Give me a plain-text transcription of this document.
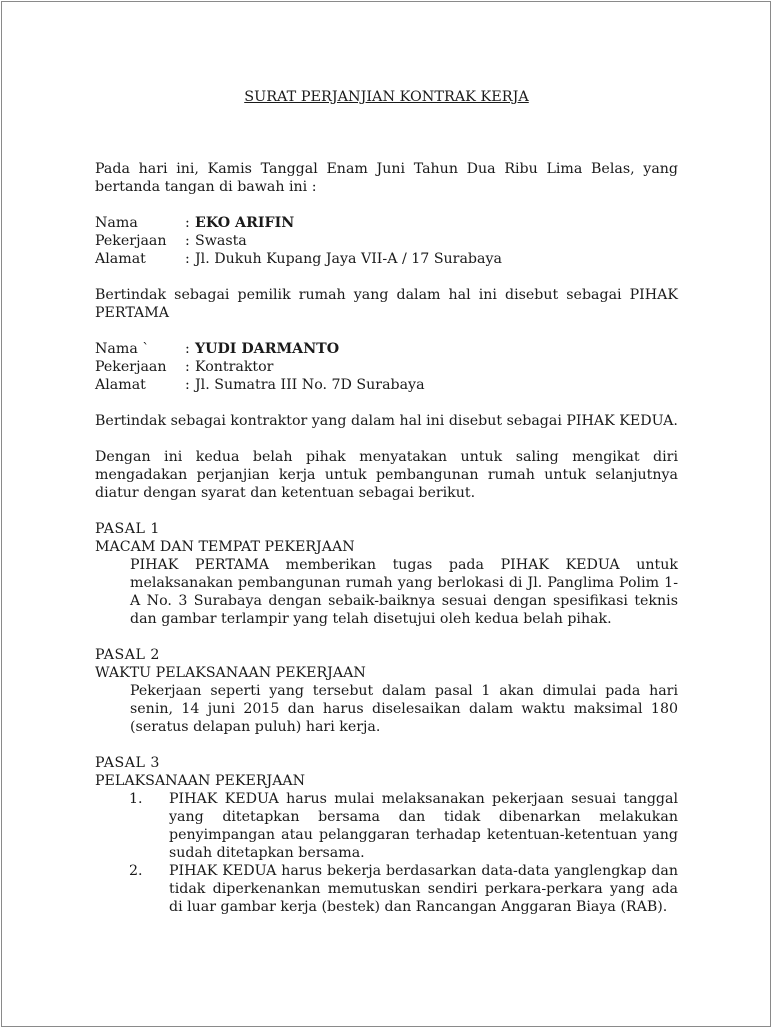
SURAT PERJANJIAN KONTRAK KERJA

Pada hari ini, Kamis Tanggal Enam Juni Tahun Dua Ribu Lima Belas, yang bertanda tangan di bawah ini :

Nama	: EKO ARIFIN
Pekerjaan	: Swasta
Alamat	: Jl. Dukuh Kupang Jaya VII-A / 17 Surabaya

Bertindak sebagai pemilik rumah yang dalam hal ini disebut sebagai PIHAK PERTAMA

Nama `	: YUDI DARMANTO
Pekerjaan	: Kontraktor
Alamat	: Jl. Sumatra III No. 7D Surabaya

Bertindak sebagai kontraktor yang dalam hal ini disebut sebagai PIHAK KEDUA.

Dengan ini kedua belah pihak menyatakan untuk saling mengikat diri mengadakan perjanjian kerja untuk pembangunan rumah untuk selanjutnya diatur dengan syarat dan ketentuan sebagai berikut.

PASAL 1

MACAM DAN TEMPAT PEKERJAAN

PIHAK PERTAMA memberikan tugas pada PIHAK KEDUA untuk melaksanakan pembangunan rumah yang berlokasi di Jl. Panglima Polim 1-A No. 3 Surabaya dengan sebaik-baiknya sesuai dengan spesifikasi teknis dan gambar terlampir yang telah disetujui oleh kedua belah pihak.

PASAL 2

WAKTU PELAKSANAAN PEKERJAAN

Pekerjaan seperti yang tersebut dalam pasal 1 akan dimulai pada hari senin, 14 juni 2015 dan harus diselesaikan dalam waktu maksimal 180 (seratus delapan puluh) hari kerja.

PASAL 3

PELAKSANAAN PEKERJAAN

1.	PIHAK KEDUA harus mulai melaksanakan pekerjaan sesuai tanggal yang ditetapkan bersama dan tidak dibenarkan melakukan penyimpangan atau pelanggaran terhadap ketentuan-ketentuan yang sudah ditetapkan bersama.
2.	PIHAK KEDUA harus bekerja berdasarkan data-data yanglengkap dan tidak diperkenankan memutuskan sendiri perkara-perkara yang ada di luar gambar kerja (bestek) dan Rancangan Anggaran Biaya (RAB).
